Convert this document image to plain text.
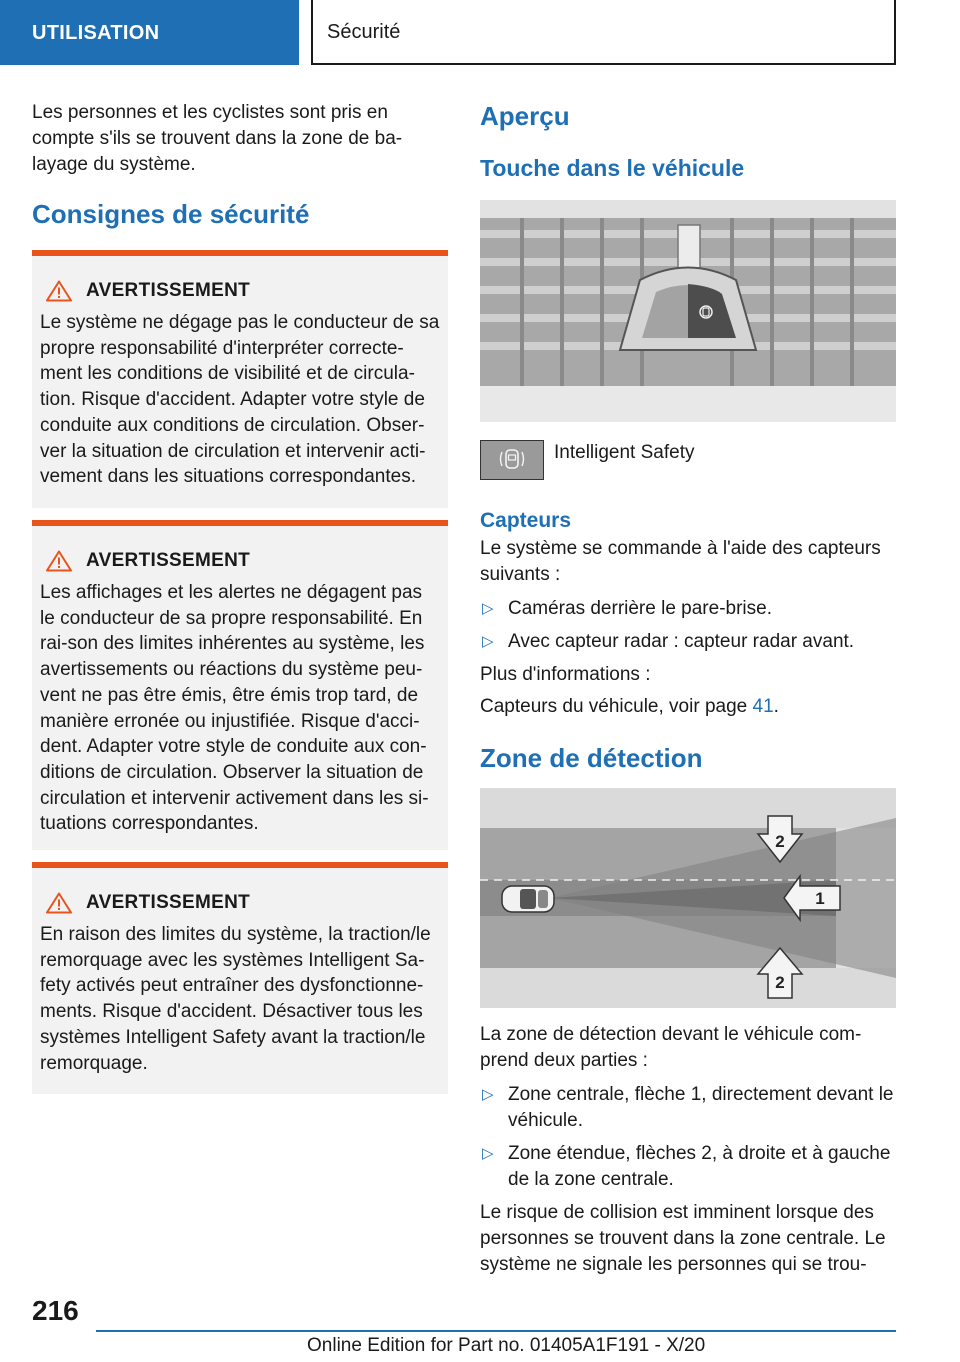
UTILISATION	Sécurité

Les personnes et les cyclistes sont pris en compte s'ils se trouvent dans la zone de ba-layage du système.

Consignes de sécurité
AVERTISSEMENT
Le système ne dégage pas le conducteur de sa propre responsabilité d'interpréter correcte-ment les conditions de visibilité et de circula-tion. Risque d'accident. Adapter votre style de conduite aux conditions de circulation. Obser-ver la situation de circulation et intervenir acti-vement dans les situations correspondantes.
AVERTISSEMENT
Les affichages et les alertes ne dégagent pas le conducteur de sa propre responsabilité. En rai-son des limites inhérentes au système, les avertissements ou réactions du système peu-vent ne pas être émis, être émis trop tard, de manière erronée ou injustifiée. Risque d'acci-dent. Adapter votre style de conduite aux con-ditions de circulation. Observer la situation de circulation et intervenir activement dans les si-tuations correspondantes.
AVERTISSEMENT
En raison des limites du système, la traction/le remorquage avec les systèmes Intelligent Sa-fety activés peut entraîner des dysfonctionne-ments. Risque d'accident. Désactiver tous les systèmes Intelligent Safety avant la traction/le remorquage.
Aperçu
Touche dans le véhicule
Intelligent Safety
Capteurs

Le système se commande à l'aide des capteurs suivants :

▷ Caméras derrière le pare-brise.
▷ Avec capteur radar : capteur radar avant.

Plus d'informations :

Capteurs du véhicule, voir page 41.

Zone de détection
2
1
2

La zone de détection devant le véhicule com-prend deux parties :

▷ Zone centrale, flèche 1, directement devant le véhicule.
▷ Zone étendue, flèches 2, à droite et à gauche de la zone centrale.

Le risque de collision est imminent lorsque des personnes se trouvent dans la zone centrale. Le système ne signale les personnes qui se trou-

216
Online Edition for Part no. 01405A1F191 - X/20
